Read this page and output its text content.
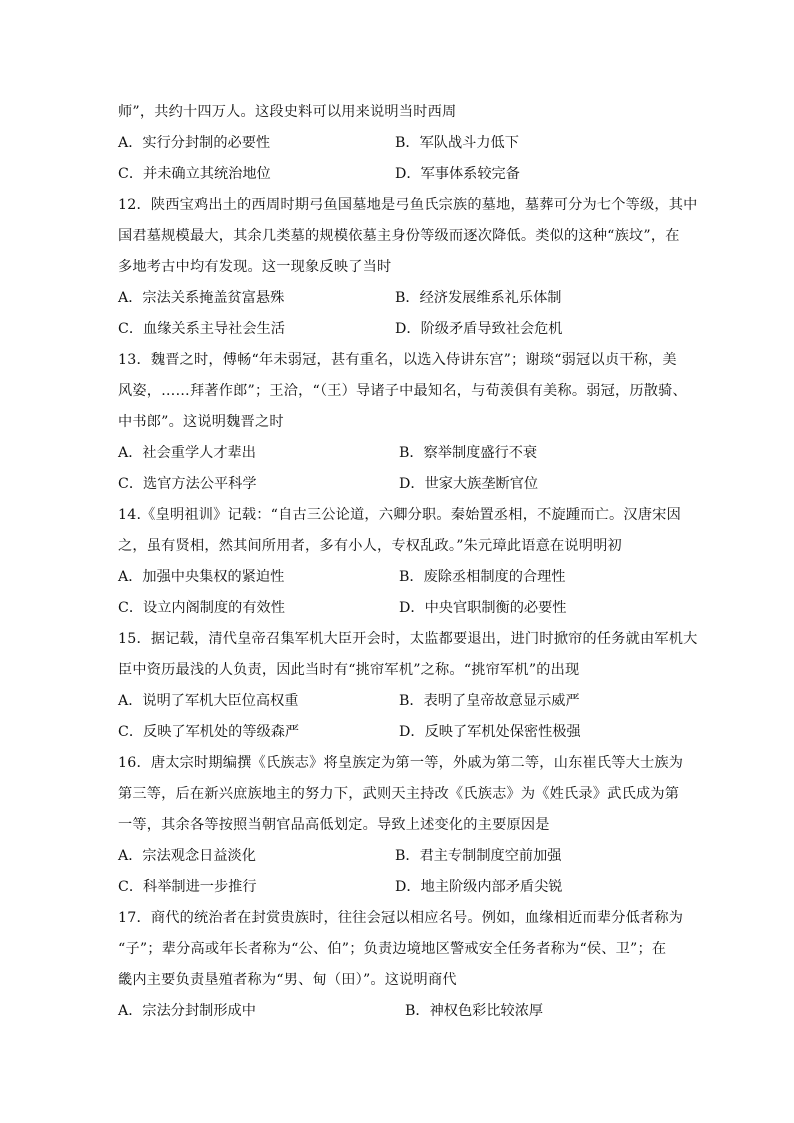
师”，共约十四万人。这段史料可以用来说明当时西周
A．实行分封制的必要性	B．军队战斗力低下
C．并未确立其统治地位	D．军事体系较完备
12．陕西宝鸡出土的西周时期弓鱼国墓地是弓鱼氏宗族的墓地，墓葬可分为七个等级，其中
国君墓规模最大，其余几类墓的规模依墓主身份等级而逐次降低。类似的这种“族坟”，在
多地考古中均有发现。这一现象反映了当时
A．宗法关系掩盖贫富悬殊	B．经济发展维系礼乐体制
C．血缘关系主导社会生活	D．阶级矛盾导致社会危机
13．魏晋之时，傅畅“年未弱冠，甚有重名，以选入侍讲东宫”；谢琰“弱冠以贞干称，美
风姿，……拜著作郎”；王洽，“（王）导诸子中最知名，与荀羡俱有美称。弱冠，历散骑、
中书郎”。这说明魏晋之时
A．社会重学人才辈出	B．察举制度盛行不衰
C．选官方法公平科学	D．世家大族垄断官位
14.《皇明祖训》记载：“自古三公论道，六卿分职。秦始置丞相，不旋踵而亡。汉唐宋因
之，虽有贤相，然其间所用者，多有小人，专权乱政。”朱元璋此语意在说明明初
A．加强中央集权的紧迫性	B．废除丞相制度的合理性
C．设立内阁制度的有效性	D．中央官职制衡的必要性
15．据记载，清代皇帝召集军机大臣开会时，太监都要退出，进门时掀帘的任务就由军机大
臣中资历最浅的人负责，因此当时有“挑帘军机”之称。“挑帘军机”的出现
A．说明了军机大臣位高权重	B．表明了皇帝故意显示威严
C．反映了军机处的等级森严	D．反映了军机处保密性极强
16．唐太宗时期编撰《氏族志》将皇族定为第一等，外戚为第二等，山东崔氏等大士族为
第三等，后在新兴庶族地主的努力下，武则天主持改《氏族志》为《姓氏录》武氏成为第
一等，其余各等按照当朝官品高低划定。导致上述变化的主要原因是
A．宗法观念日益淡化	B．君主专制制度空前加强
C．科举制进一步推行	D．地主阶级内部矛盾尖锐
17．商代的统治者在封赏贵族时，往往会冠以相应名号。例如，血缘相近而辈分低者称为
“子”；辈分高或年长者称为“公、伯”；负责边境地区警戒安全任务者称为“侯、卫”；在
畿内主要负责垦殖者称为“男、甸（田）”。这说明商代
A．宗法分封制形成中	B．神权色彩比较浓厚
